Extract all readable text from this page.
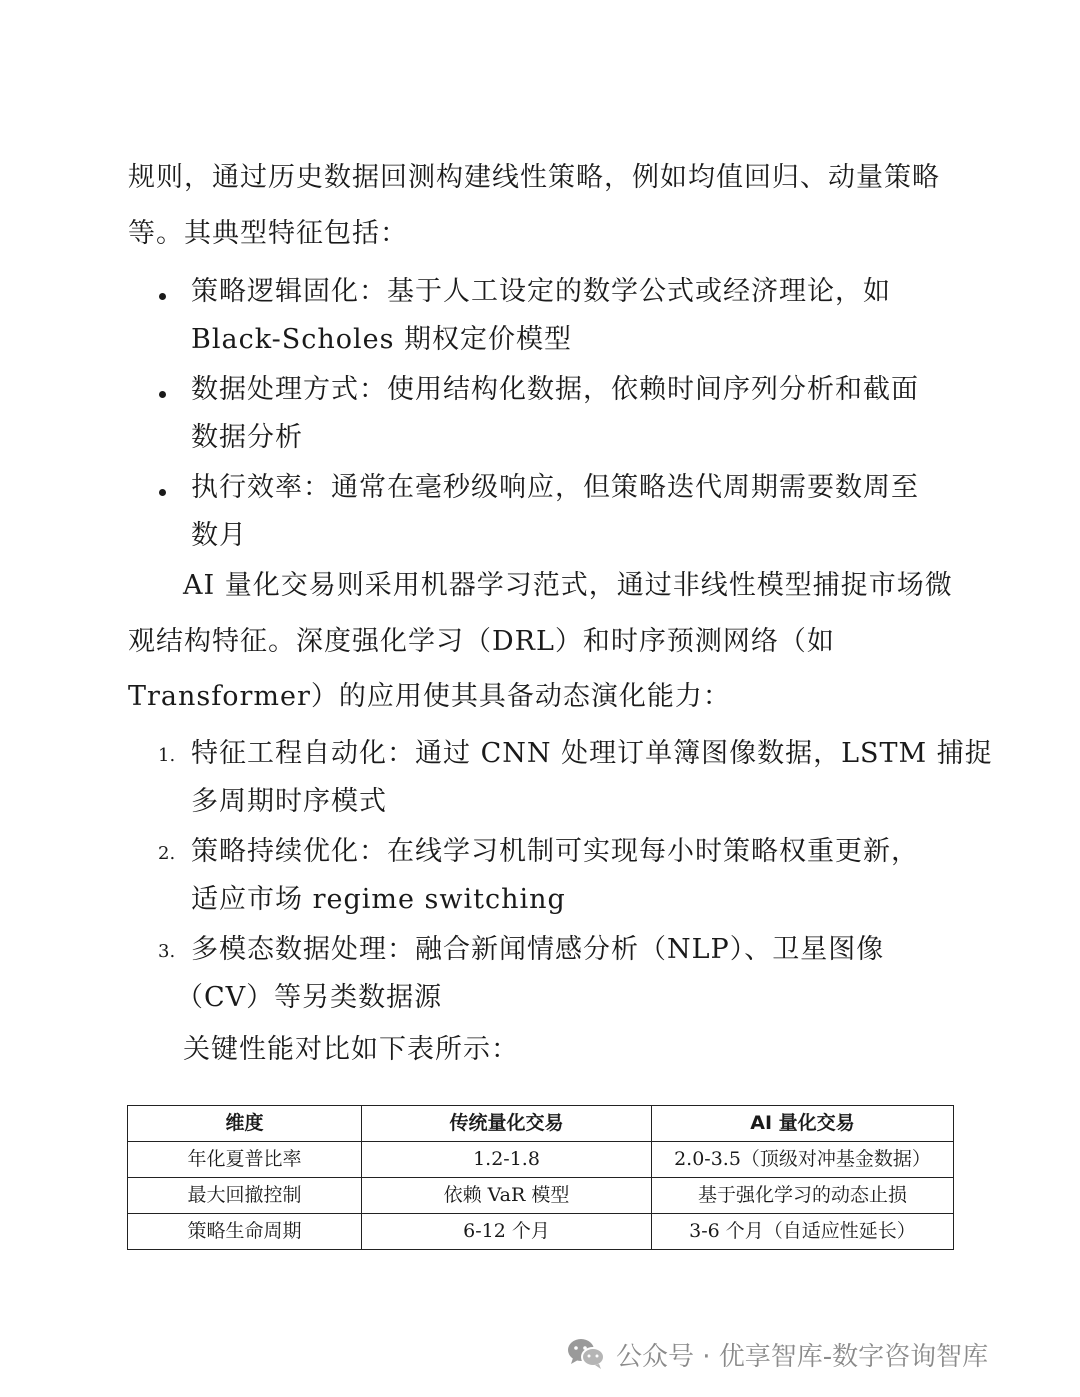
规则，通过历史数据回测构建线性策略，例如均值回归、动量策略
等。其典型特征包括：
策略逻辑固化：基于人工设定的数学公式或经济理论，如
Black-Scholes 期权定价模型
数据处理方式：使用结构化数据，依赖时间序列分析和截面
数据分析
执行效率：通常在毫秒级响应，但策略迭代周期需要数周至
数月
AI 量化交易则采用机器学习范式，通过非线性模型捕捉市场微
观结构特征。深度强化学习（DRL）和时序预测网络（如
Transformer）的应用使其具备动态演化能力：
1. 特征工程自动化：通过 CNN 处理订单簿图像数据，LSTM 捕捉
多周期时序模式
2. 策略持续优化：在线学习机制可实现每小时策略权重更新，
适应市场 regime switching
3. 多模态数据处理：融合新闻情感分析（NLP）、卫星图像
（CV）等另类数据源
关键性能对比如下表所示：
维度	传统量化交易	AI 量化交易
年化夏普比率	1.2-1.8	2.0-3.5（顶级对冲基金数据）
最大回撤控制	依赖 VaR 模型	基于强化学习的动态止损
策略生命周期	6-12 个月	3-6 个月（自适应性延长）
公众号 · 优享智库-数字咨询智库
